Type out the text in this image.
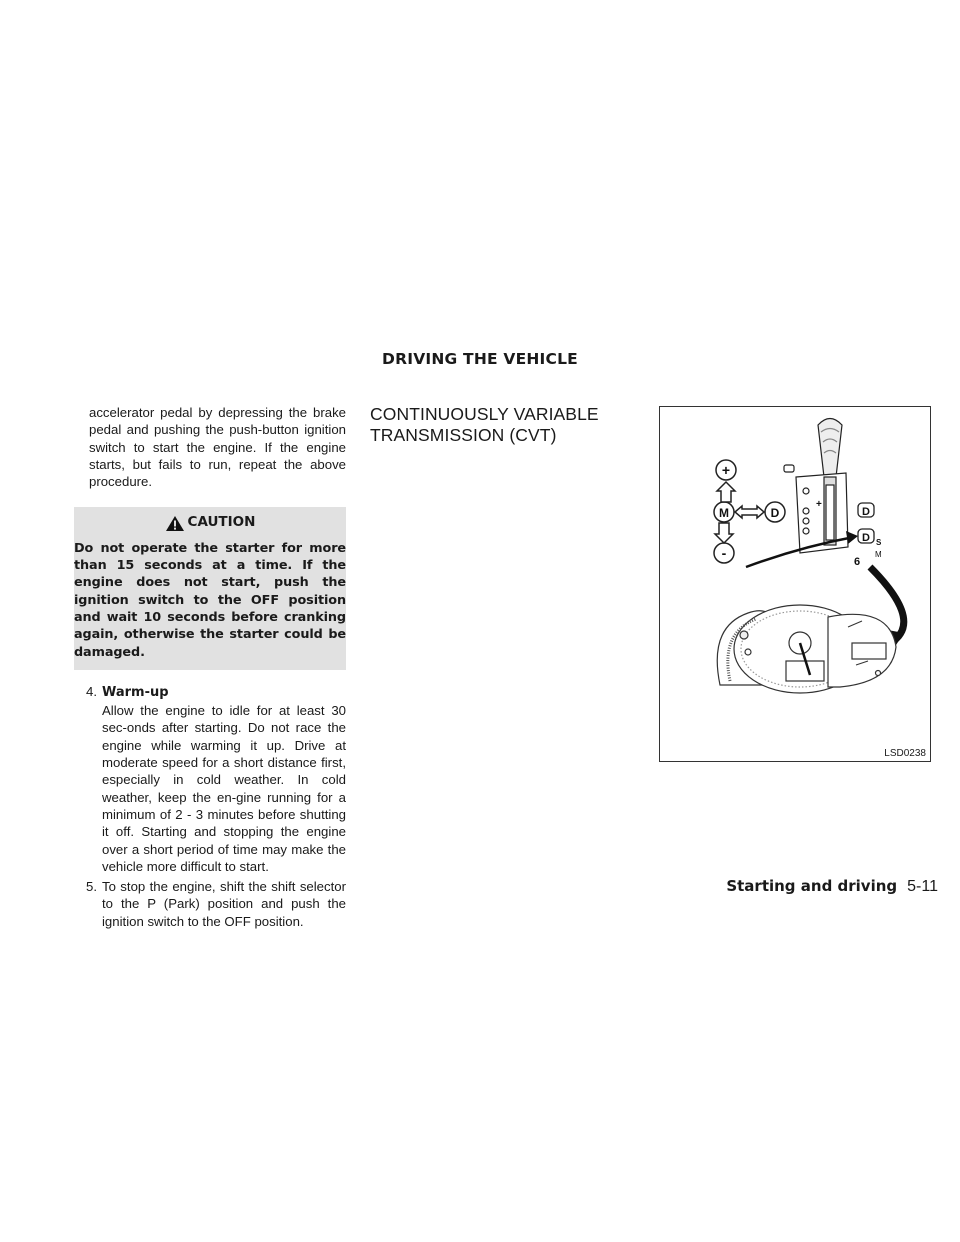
DRIVING THE VEHICLE
accelerator pedal by depressing the brake pedal and pushing the push-button ignition switch to start the engine. If the engine starts, but fails to run, repeat the above procedure.
CAUTION
Do not operate the starter for more than 15 seconds at a time. If the engine does not start, push the ignition switch to the OFF position and wait 10 seconds before cranking again, otherwise the starter could be damaged.
4. Warm-up
Allow the engine to idle for at least 30 sec-onds after starting. Do not race the engine while warming it up. Drive at moderate speed for a short distance first, especially in cold weather. In cold weather, keep the en-gine running for a minimum of 2 - 3 minutes before shutting it off. Starting and stopping the engine over a short period of time may make the vehicle more difficult to start.
5. To stop the engine, shift the shift selector to the P (Park) position and push the ignition switch to the OFF position.
CONTINUOUSLY VARIABLE
TRANSMISSION (CVT)
+
M	D
-
+
D
D S
6
M
LSD0238
Starting and driving 5-11
